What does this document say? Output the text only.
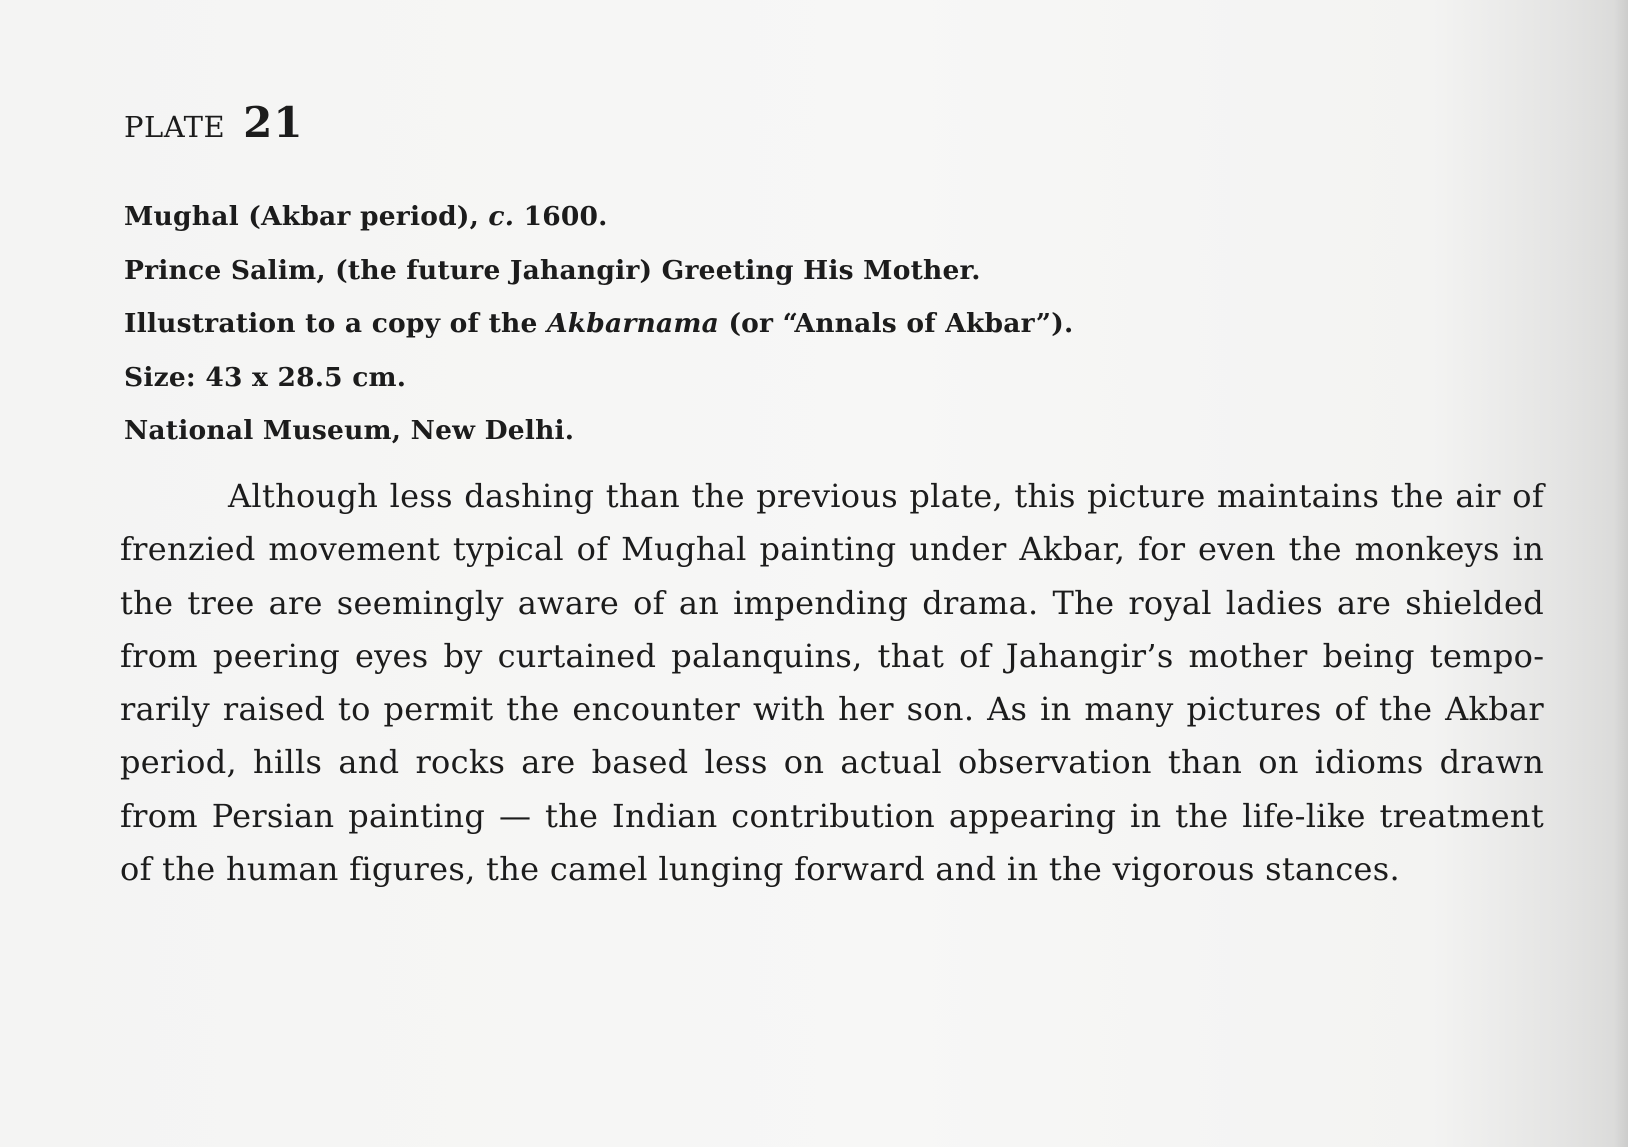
PLATE 21
Mughal (Akbar period), c. 1600.
Prince Salim, (the future Jahangir) Greeting His Mother.
Illustration to a copy of the Akbarnama (or “Annals of Akbar”).
Size: 43 x 28.5 cm.
National Museum, New Delhi.

Although less dashing than the previous plate, this picture maintains the air of frenzied movement typical of Mughal painting under Akbar, for even the monkeys in the tree are seemingly aware of an impending drama. The royal ladies are shielded from peering eyes by curtained palanquins, that of Jahangir’s mother being temporarily raised to permit the encounter with her son. As in many pictures of the Akbar period, hills and rocks are based less on actual observation than on idioms drawn from Persian painting — the Indian contribution appearing in the life-like treatment of the human figures, the camel lunging forward and in the vigorous stances.
